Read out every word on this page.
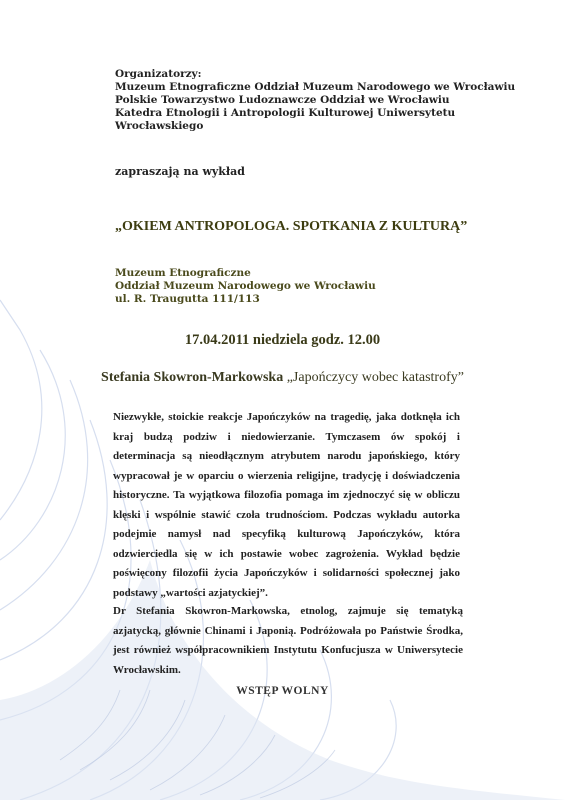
Organizatorzy:
Muzeum Etnograficzne Oddział Muzeum Narodowego we Wrocławiu
Polskie Towarzystwo Ludoznawcze Oddział we Wrocławiu
Katedra Etnologii i Antropologii Kulturowej Uniwersytetu
Wrocławskiego
zapraszają na wykład
„OKIEM ANTROPOLOGA. SPOTKANIA Z KULTURĄ”
Muzeum Etnograficzne
Oddział Muzeum Narodowego we Wrocławiu
ul. R. Traugutta 111/113
17.04.2011 niedziela godz. 12.00
Stefania Skowron-Markowska „Japończycy wobec katastrofy”
Niezwykłe, stoickie reakcje Japończyków na tragedię, jaka dotknęła ich kraj budzą podziw i niedowierzanie. Tymczasem ów spokój i determinacja są nieodłącznym atrybutem narodu japońskiego, który wypracował je w oparciu o wierzenia religijne, tradycję i doświadczenia historyczne. Ta wyjątkowa filozofia pomaga im zjednoczyć się w obliczu klęski i wspólnie stawić czoła trudnościom. Podczas wykładu autorka podejmie namysł nad specyfiką kulturową Japończyków, która odzwierciedla się w ich postawie wobec zagrożenia. Wykład będzie poświęcony filozofii życia Japończyków i solidarności społecznej jako podstawy „wartości azjatyckiej”.
Dr Stefania Skowron-Markowska, etnolog, zajmuje się tematyką azjatycką, głównie Chinami i Japonią. Podróżowała po Państwie Środka, jest również współpracownikiem Instytutu Konfucjusza w Uniwersytecie Wrocławskim.
WSTĘP WOLNY
